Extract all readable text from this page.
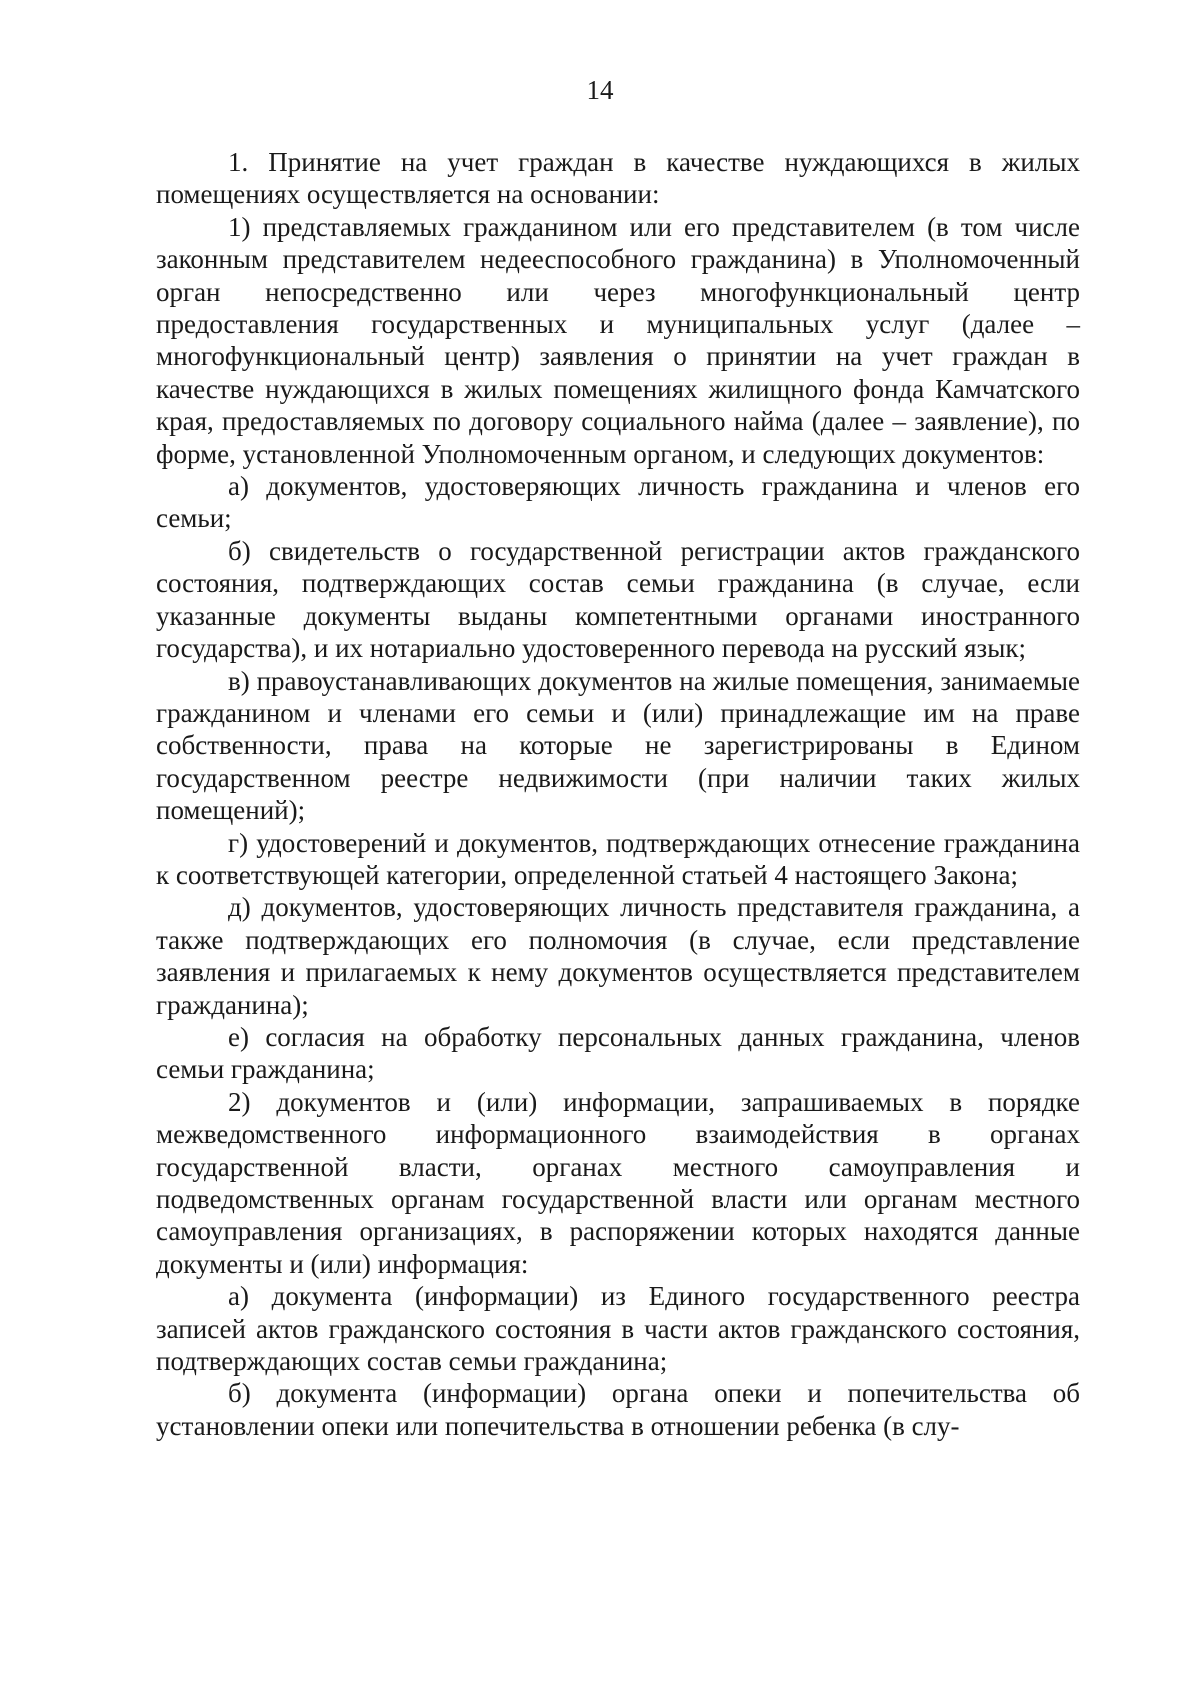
14

1. Принятие на учет граждан в качестве нуждающихся в жилых помещениях осуществляется на основании:

1) представляемых гражданином или его представителем (в том числе законным представителем недееспособного гражданина) в Уполномоченный орган непосредственно или через многофункциональный центр предоставления государственных и муниципальных услуг (далее – многофункциональный центр) заявления о принятии на учет граждан в качестве нуждающихся в жилых помещениях жилищного фонда Камчатского края, предоставляемых по договору социального найма (далее – заявление), по форме, установленной Уполномоченным органом, и следующих документов:

а) документов, удостоверяющих личность гражданина и членов его семьи;

б) свидетельств о государственной регистрации актов гражданского состояния, подтверждающих состав семьи гражданина (в случае, если указанные документы выданы компетентными органами иностранного государства), и их нотариально удостоверенного перевода на русский язык;

в) правоустанавливающих документов на жилые помещения, занимаемые гражданином и членами его семьи и (или) принадлежащие им на праве собственности, права на которые не зарегистрированы в Едином государственном реестре недвижимости (при наличии таких жилых помещений);

г) удостоверений и документов, подтверждающих отнесение гражданина к соответствующей категории, определенной статьей 4 настоящего Закона;

д) документов, удостоверяющих личность представителя гражданина, а также подтверждающих его полномочия (в случае, если представление заявления и прилагаемых к нему документов осуществляется представителем гражданина);

е) согласия на обработку персональных данных гражданина, членов семьи гражданина;

2) документов и (или) информации, запрашиваемых в порядке межведомственного информационного взаимодействия в органах государственной власти, органах местного самоуправления и подведомственных органам государственной власти или органам местного самоуправления организациях, в распоряжении которых находятся данные документы и (или) информация:

а) документа (информации) из Единого государственного реестра записей актов гражданского состояния в части актов гражданского состояния, подтверждающих состав семьи гражданина;

б) документа (информации) органа опеки и попечительства об установлении опеки или попечительства в отношении ребенка (в слу-
